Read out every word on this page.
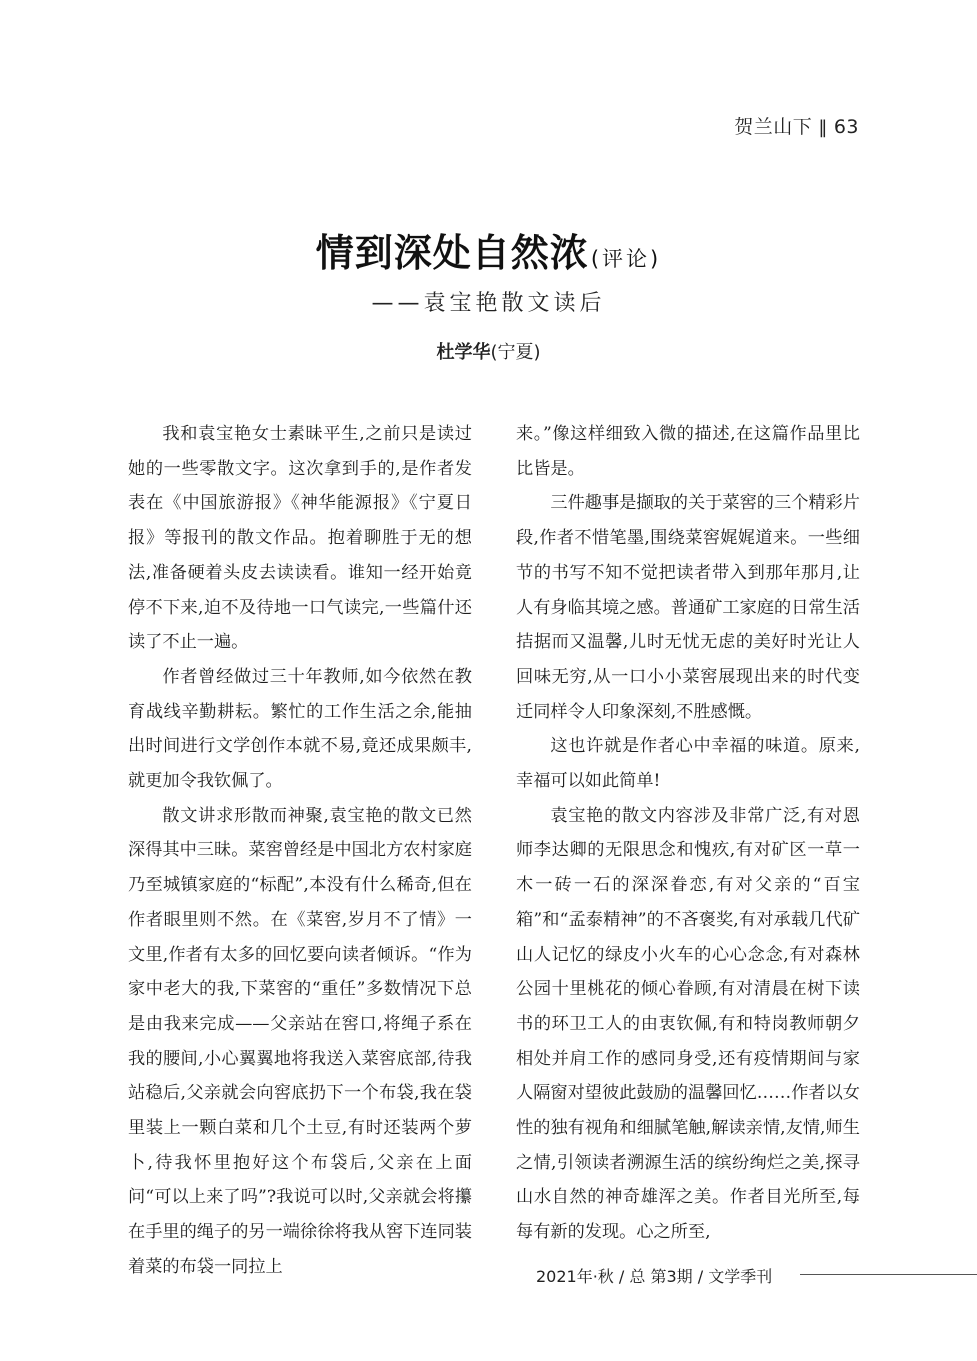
贺兰山下 ‖ 63
情到深处自然浓(评论)
——袁宝艳散文读后
杜学华(宁夏)

我和袁宝艳女士素昧平生,之前只是读过她的一些零散文字。这次拿到手的,是作者发表在《中国旅游报》《神华能源报》《宁夏日报》等报刊的散文作品。抱着聊胜于无的想法,准备硬着头皮去读读看。谁知一经开始竟停不下来,迫不及待地一口气读完,一些篇什还读了不止一遍。

作者曾经做过三十年教师,如今依然在教育战线辛勤耕耘。繁忙的工作生活之余,能抽出时间进行文学创作本就不易,竟还成果颇丰,就更加令我钦佩了。

散文讲求形散而神聚,袁宝艳的散文已然深得其中三昧。菜窖曾经是中国北方农村家庭乃至城镇家庭的“标配”,本没有什么稀奇,但在作者眼里则不然。在《菜窖,岁月不了情》一文里,作者有太多的回忆要向读者倾诉。“作为家中老大的我,下菜窖的“重任”多数情况下总是由我来完成——父亲站在窖口,将绳子系在我的腰间,小心翼翼地将我送入菜窖底部,待我站稳后,父亲就会向窖底扔下一个布袋,我在袋里装上一颗白菜和几个土豆,有时还装两个萝卜,待我怀里抱好这个布袋后,父亲在上面问“可以上来了吗”?我说可以时,父亲就会将攥在手里的绳子的另一端徐徐将我从窖下连同装着菜的布袋一同拉上

来。”像这样细致入微的描述,在这篇作品里比比皆是。

三件趣事是撷取的关于菜窖的三个精彩片段,作者不惜笔墨,围绕菜窖娓娓道来。一些细节的书写不知不觉把读者带入到那年那月,让人有身临其境之感。普通矿工家庭的日常生活拮据而又温馨,儿时无忧无虑的美好时光让人回味无穷,从一口小小菜窖展现出来的时代变迁同样令人印象深刻,不胜感慨。

这也许就是作者心中幸福的味道。原来,幸福可以如此简单!

袁宝艳的散文内容涉及非常广泛,有对恩师李达卿的无限思念和愧疚,有对矿区一草一木一砖一石的深深眷恋,有对父亲的“百宝箱”和“孟泰精神”的不吝褒奖,有对承载几代矿山人记忆的绿皮小火车的心心念念,有对森林公园十里桃花的倾心眷顾,有对清晨在树下读书的环卫工人的由衷钦佩,有和特岗教师朝夕相处并肩工作的感同身受,还有疫情期间与家人隔窗对望彼此鼓励的温馨回忆……作者以女性的独有视角和细腻笔触,解读亲情,友情,师生之情,引领读者溯源生活的缤纷绚烂之美,探寻山水自然的神奇雄浑之美。作者目光所至,每每有新的发现。心之所至,

2021年·秋 / 总 第3期 / 文学季刊
